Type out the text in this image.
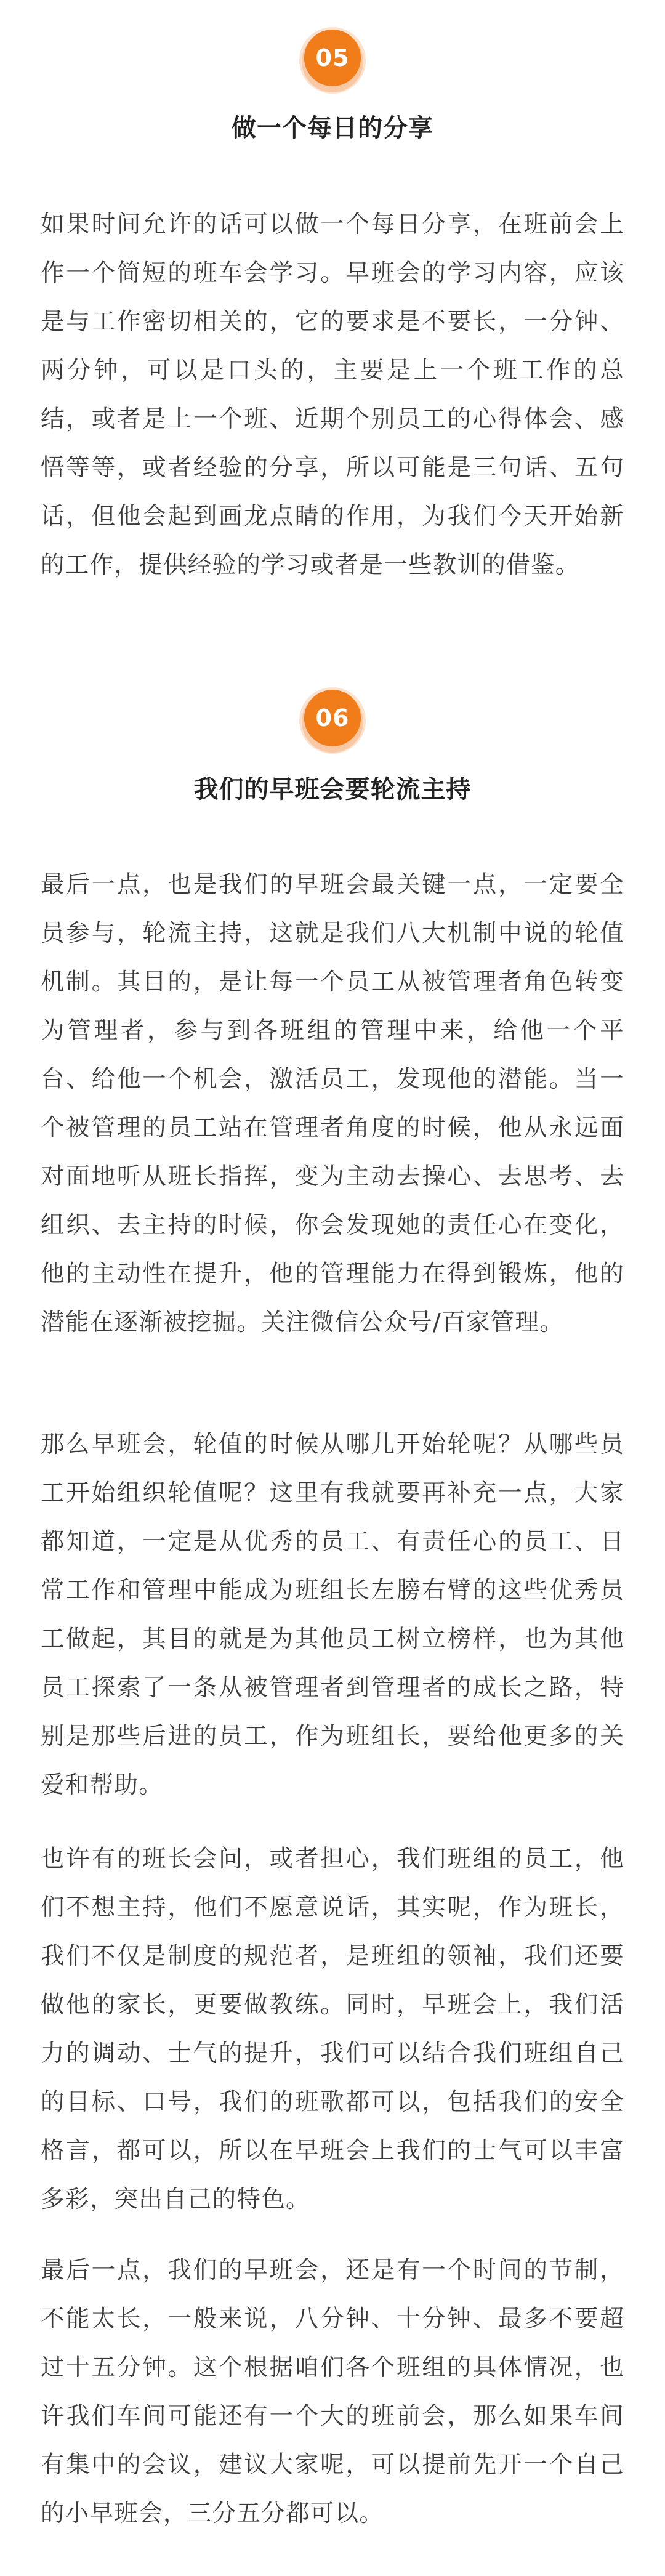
05
做一个每日的分享

如果时间允许的话可以做一个每日分享，在班前会上作一个简短的班车会学习。早班会的学习内容，应该是与工作密切相关的，它的要求是不要长，一分钟、两分钟，可以是口头的，主要是上一个班工作的总结，或者是上一个班、近期个别员工的心得体会、感悟等等，或者经验的分享，所以可能是三句话、五句话，但他会起到画龙点睛的作用，为我们今天开始新的工作，提供经验的学习或者是一些教训的借鉴。

06
我们的早班会要轮流主持

最后一点，也是我们的早班会最关键一点，一定要全员参与，轮流主持，这就是我们八大机制中说的轮值机制。其目的，是让每一个员工从被管理者角色转变为管理者，参与到各班组的管理中来，给他一个平台、给他一个机会，激活员工，发现他的潜能。当一个被管理的员工站在管理者角度的时候，他从永远面对面地听从班长指挥，变为主动去操心、去思考、去组织、去主持的时候，你会发现她的责任心在变化，他的主动性在提升，他的管理能力在得到锻炼，他的潜能在逐渐被挖掘。关注微信公众号/百家管理。

那么早班会，轮值的时候从哪儿开始轮呢？从哪些员工开始组织轮值呢？这里有我就要再补充一点，大家都知道，一定是从优秀的员工、有责任心的员工、日常工作和管理中能成为班组长左膀右臂的这些优秀员工做起，其目的就是为其他员工树立榜样，也为其他员工探索了一条从被管理者到管理者的成长之路，特别是那些后进的员工，作为班组长，要给他更多的关爱和帮助。

也许有的班长会问，或者担心，我们班组的员工，他们不想主持，他们不愿意说话，其实呢，作为班长，我们不仅是制度的规范者，是班组的领袖，我们还要做他的家长，更要做教练。同时，早班会上，我们活力的调动、士气的提升，我们可以结合我们班组自己的目标、口号，我们的班歌都可以，包括我们的安全格言，都可以，所以在早班会上我们的士气可以丰富多彩，突出自己的特色。

最后一点，我们的早班会，还是有一个时间的节制，不能太长，一般来说，八分钟、十分钟、最多不要超过十五分钟。这个根据咱们各个班组的具体情况，也许我们车间可能还有一个大的班前会，那么如果车间有集中的会议，建议大家呢，可以提前先开一个自己的小早班会，三分五分都可以。
